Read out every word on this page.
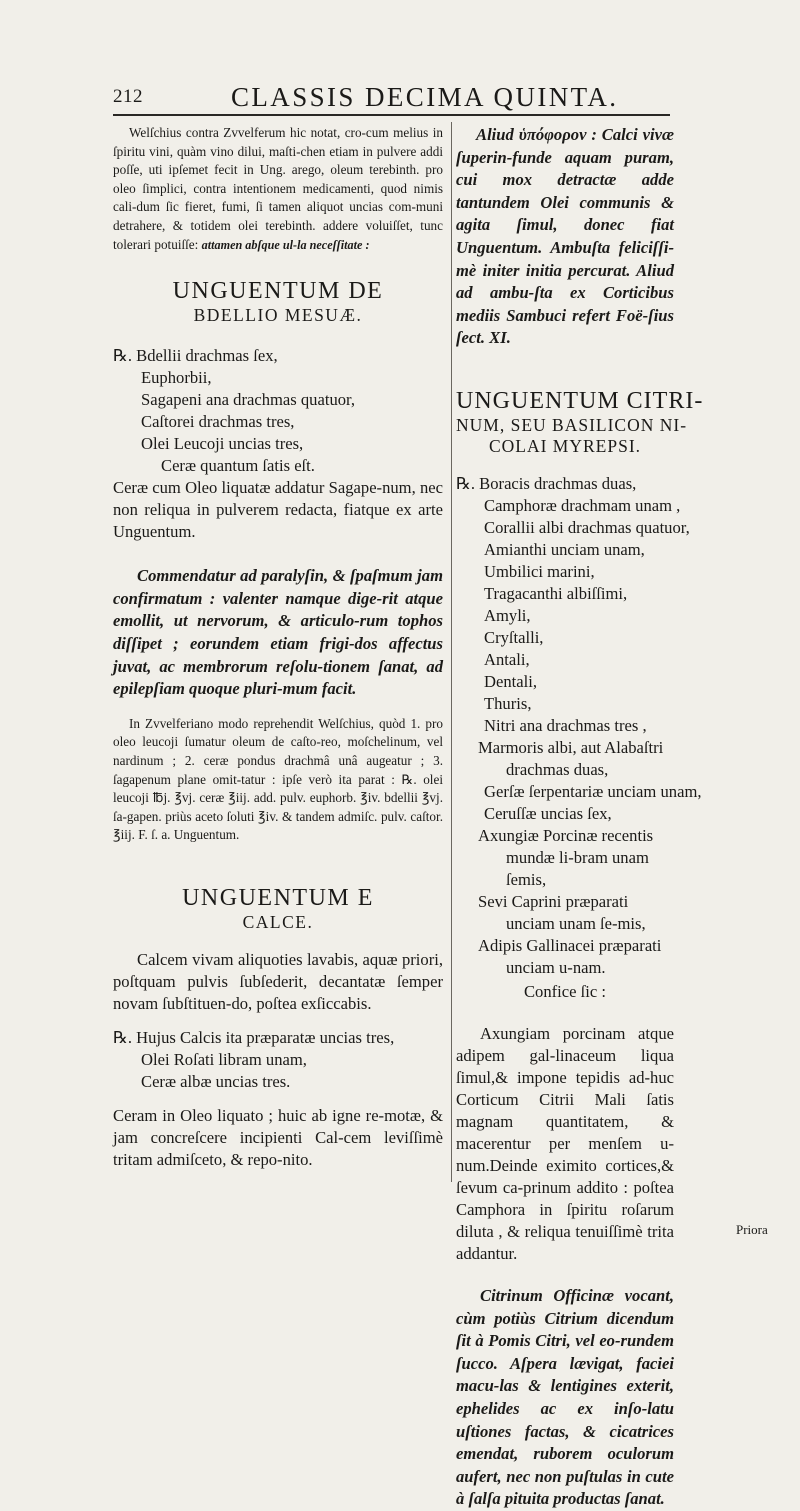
212	CLASSIS DECIMA QUINTA.

Welſchius contra Zvvelferum hic notat, cro-cum melius in ſpiritu vini, quàm vino dilui, maſti-chen etiam in pulvere addi poſſe, uti ipſemet fecit in Ung. arego, oleum terebinth. pro oleo ſimplici, contra intentionem medicamenti, quod nimis cali-dum ſic fieret, fumi, ſi tamen aliquot uncias com-muni detrahere, & totidem olei terebinth. addere voluiſſet, tunc tolerari potuiſſe: attamen abſque ul-la neceſſitate :

UNGUENTUM DE

BDELLIO MESUÆ.

℞. Bdellii drachmas ſex,
Euphorbii,
Sagapeni ana drachmas quatuor,
Caſtorei drachmas tres,
Olei Leucoji uncias tres,
Ceræ quantum ſatis eſt.

Ceræ cum Oleo liquatæ addatur Sagape-num, nec non reliqua in pulverem redacta, fiatque ex arte Unguentum.

Commendatur ad paralyſin, & ſpaſmum jam confirmatum : valenter namque dige-rit atque emollit, ut nervorum, & articulo-rum tophos diſſipet ; eorundem etiam frigi-dos affectus juvat, ac membrorum reſolu-tionem ſanat, ad epilepſiam quoque pluri-mum facit.

In Zvvelferiano modo reprehendit Welſchius, quòd 1. pro oleo leucoji ſumatur oleum de caſto-reo, moſchelinum, vel nardinum ; 2. ceræ pondus drachmâ unâ augeatur ; 3. ſagapenum plane omit-tatur : ipſe verò ita parat : ℞. olei leucoji ℔j. ℥vj. ceræ ℥iij. add. pulv. euphorb. ℥iv. bdellii ℥vj. ſa-gapen. priùs aceto ſoluti ℥iv. & tandem admiſc. pulv. caſtor. ℥iij. F. ſ. a. Unguentum.

UNGUENTUM E

CALCE.

Calcem vivam aliquoties lavabis, aquæ priori, poſtquam pulvis ſubſederit, decantatæ ſemper novam ſubſtituen-do, poſtea exſiccabis.

℞. Hujus Calcis ita præparatæ uncias tres,
Olei Roſati libram unam,
Ceræ albæ uncias tres.

Ceram in Oleo liquato ; huic ab igne re-motæ, & jam concreſcere incipienti Cal-cem leviſſimè tritam admiſceto, & repo-nito.

Aliud ὑπόφορον : Calci vivæ ſuperin-funde aquam puram, cui mox detractæ adde tantundem Olei communis & agita ſimul, donec fiat Unguentum. Ambuſta feliciſſi-mè initer initia percurat. Aliud ad ambu-ſta ex Corticibus mediis Sambuci refert Foë-ſius ſect. XI.

UNGUENTUM CITRI-

NUM, SEU BASILICON NI-

COLAI MYREPSI.

℞. Boracis drachmas duas,
Camphoræ drachmam unam ,
Corallii albi drachmas quatuor,
Amianthi unciam unam,
Umbilici marini,
Tragacanthi albiſſimi,
Amyli,
Cryſtalli,
Antali,
Dentali,
Thuris,
Nitri ana drachmas tres ,
Marmoris albi, aut Alabaſtri drachmas duas,
Gerſæ ſerpentariæ unciam unam,
Ceruſſæ uncias ſex,
Axungiæ Porcinæ recentis mundæ li-bram unam ſemis,
Sevi Caprini præparati unciam unam ſe-mis,
Adipis Gallinacei præparati unciam u-nam.

Confice ſic :

Axungiam porcinam atque adipem gal-linaceum liqua ſimul,& impone tepidis ad-huc Corticum Citrii Mali ſatis magnam quantitatem, & macerentur per menſem u-num.Deinde eximito cortices,& ſevum ca-prinum addito : poſtea Camphora in ſpiritu roſarum diluta , & reliqua tenuiſſimè trita addantur.

Citrinum Officinæ vocant, cùm potiùs Citrium dicendum ſit à Pomis Citri, vel eo-rundem ſucco. Aſpera lævigat, faciei macu-las & lentigines exterit, ephelides ac ex inſo-latu uſtiones factas, & cicatrices emendat, ruborem oculorum aufert, nec non puſtulas in cute à ſalſa pituita productas ſanat.

Priora
